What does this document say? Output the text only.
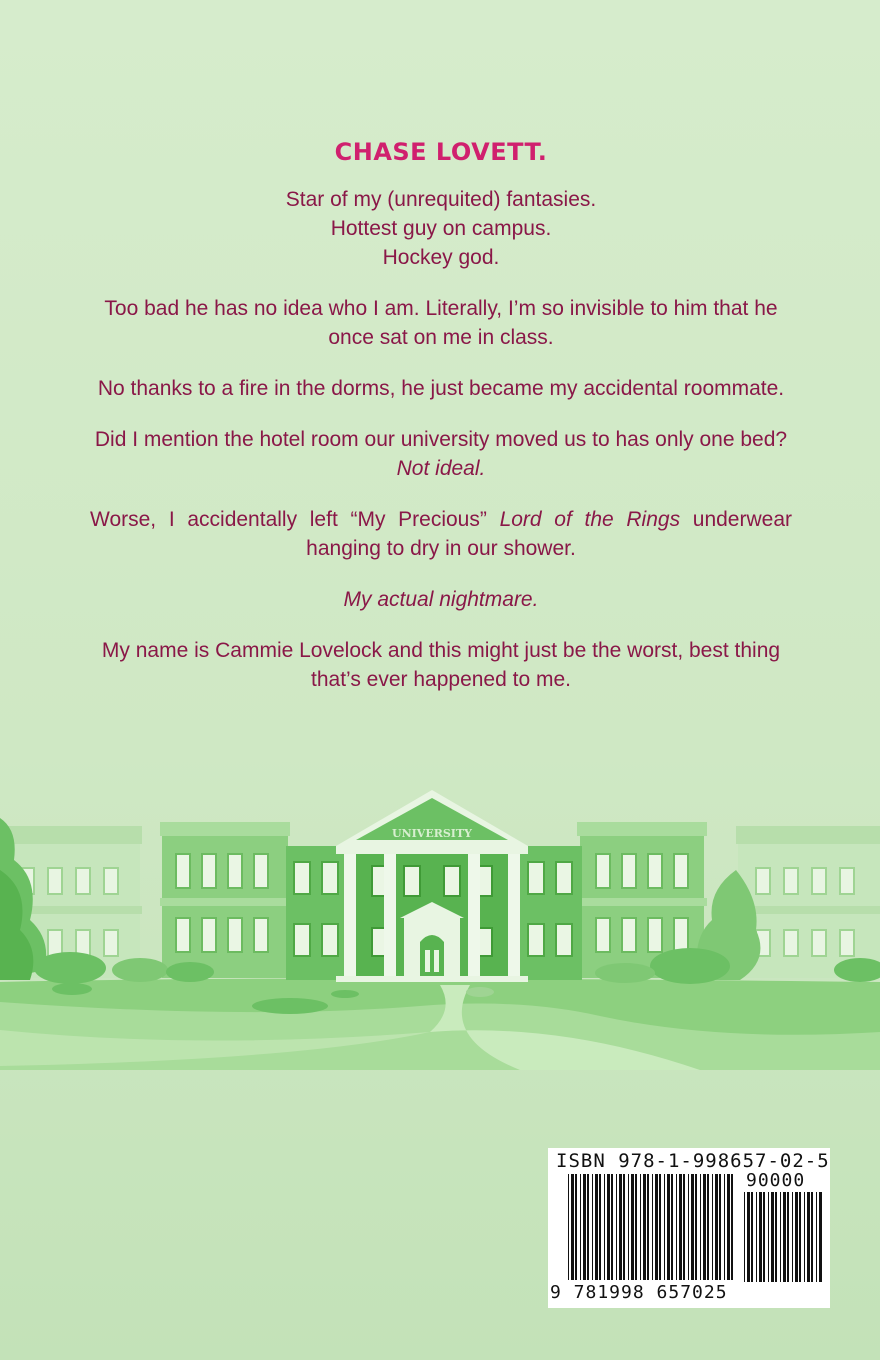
CHASE LOVETT.
Star of my (unrequited) fantasies.
Hottest guy on campus.
Hockey god.
Too bad he has no idea who I am. Literally, I’m so invisible to him that he once sat on me in class.
No thanks to a fire in the dorms, he just became my accidental roommate.
Did I mention the hotel room our university moved us to has only one bed?
Not ideal.
Worse, I accidentally left “My Precious” Lord of the Rings underwear hanging to dry in our shower.
My actual nightmare.
My name is Cammie Lovelock and this might just be the worst, best thing that’s ever happened to me.
UNIVERSITY
ISBN 978-1-998657-02-5
90000
9 781998 657025
